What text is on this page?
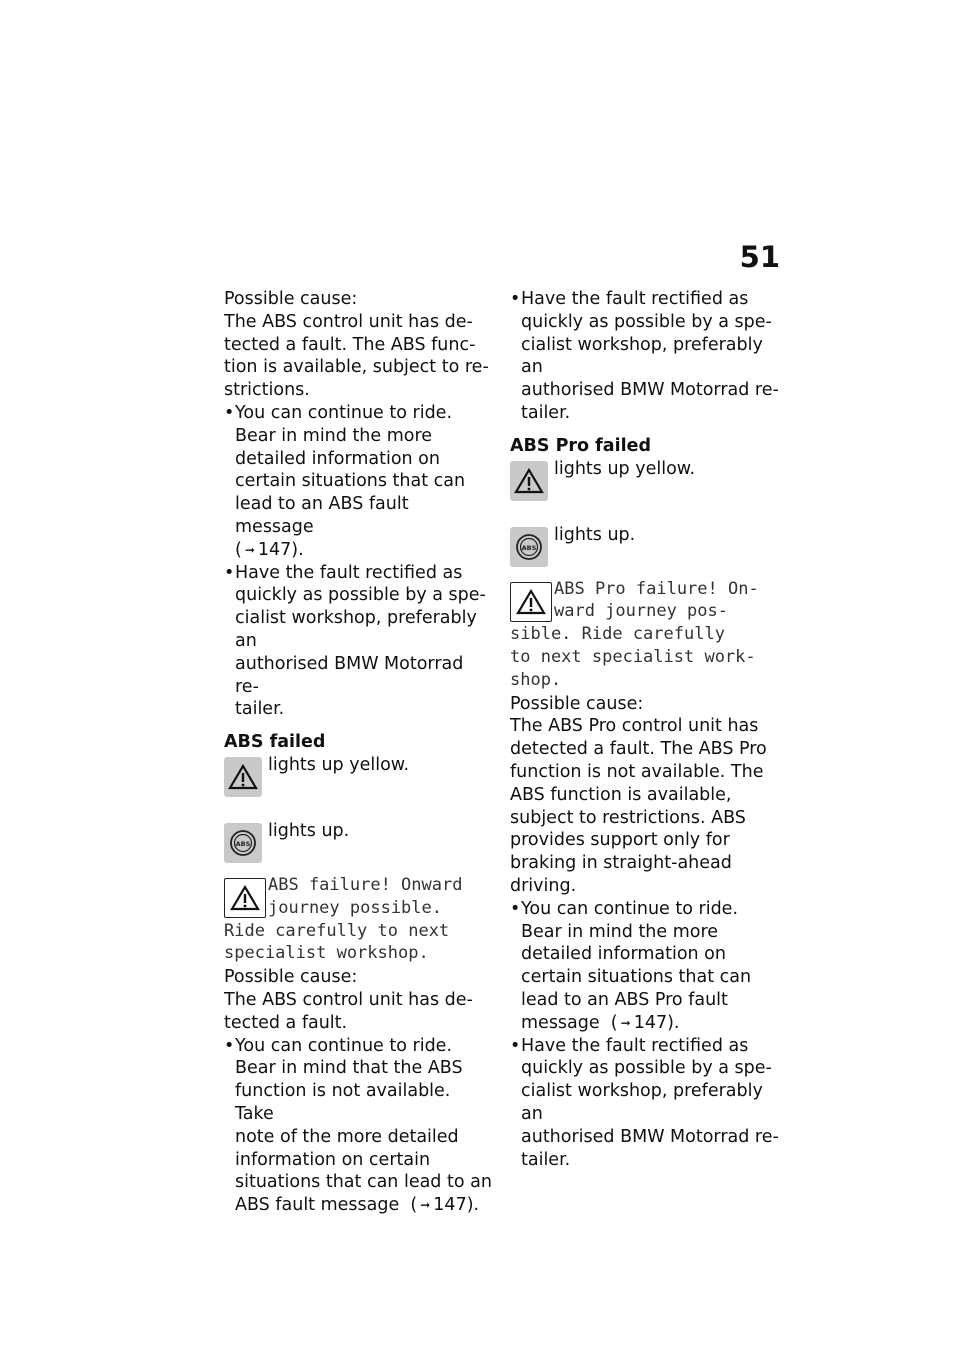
51

Possible cause:

The ABS control unit has de-
tected a fault. The ABS func-
tion is available, subject to re-
strictions.

• You can continue to ride.
Bear in mind the more
detailed information on
certain situations that can
lead to an ABS fault message
( ➞ 147).
• Have the fault rectified as
quickly as possible by a spe-
cialist workshop, preferably an
authorised BMW Motorrad re-
tailer.

ABS failed

lights up yellow.

ABS

lights up.

ABS failure! Onward
journey possible.
Ride carefully to next
specialist workshop.

Possible cause:

The ABS control unit has de-
tected a fault.

• You can continue to ride.
Bear in mind that the ABS
function is not available. Take
note of the more detailed
information on certain
situations that can lead to an
ABS fault message  ( ➞ 147).
• Have the fault rectified as
quickly as possible by a spe-
cialist workshop, preferably an
authorised BMW Motorrad re-
tailer.

ABS Pro failed

lights up yellow.

ABS

lights up.

ABS Pro failure! On-
ward journey pos-
sible. Ride carefully
to next specialist work-
shop.

Possible cause:

The ABS Pro control unit has
detected a fault. The ABS Pro
function is not available. The
ABS function is available,
subject to restrictions. ABS
provides support only for
braking in straight-ahead
driving.

• You can continue to ride.
Bear in mind the more
detailed information on
certain situations that can
lead to an ABS Pro fault
message  ( ➞ 147).
• Have the fault rectified as
quickly as possible by a spe-
cialist workshop, preferably an
authorised BMW Motorrad re-
tailer.
